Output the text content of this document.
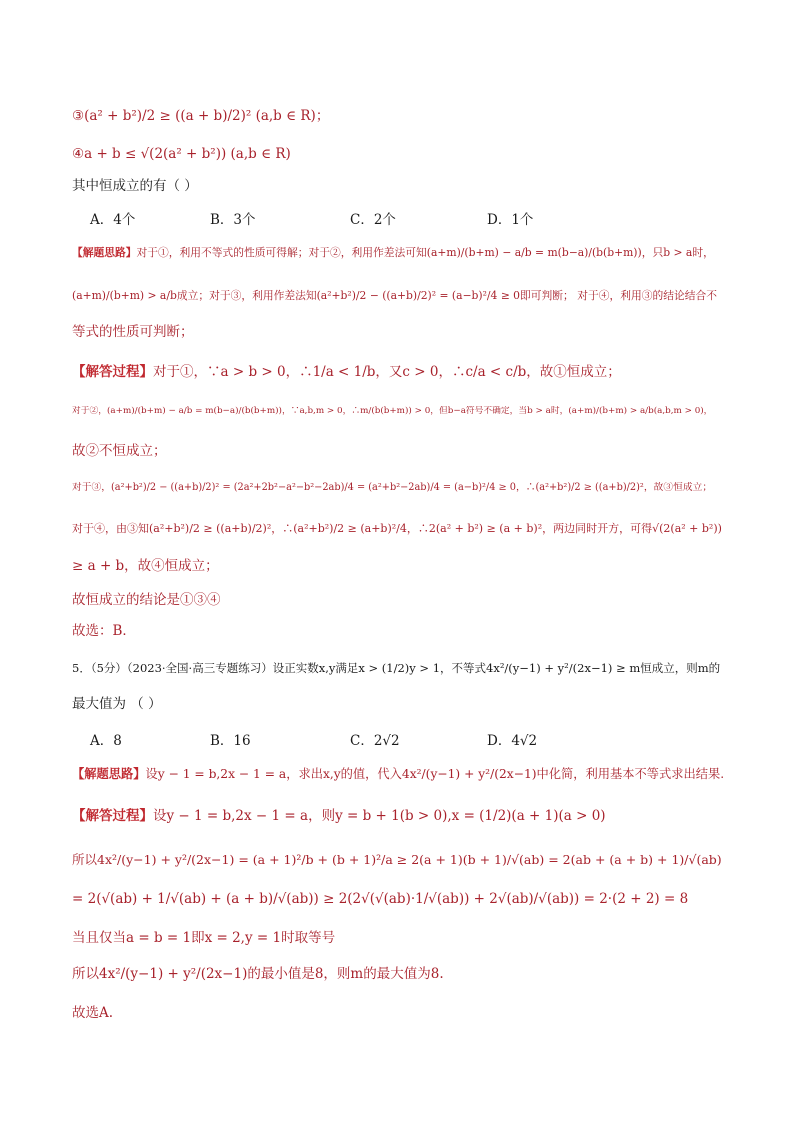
③(a² + b²)/2 ≥ ((a + b)/2)² (a,b ∈ R)；
④a + b ≤ √(2(a² + b²)) (a,b ∈ R)
其中恒成立的有（ ）
A．4个	B．3个	C．2个	D．1个
【解题思路】对于①，利用不等式的性质可得解；对于②，利用作差法可知(a+m)/(b+m) − a/b = m(b−a)/(b(b+m))，只b > a时，
(a+m)/(b+m) > a/b成立；对于③，利用作差法知(a²+b²)/2 − ((a+b)/2)² = (a−b)²/4 ≥ 0即可判断； 对于④，利用③的结论结合不
等式的性质可判断；
【解答过程】对于①，∵a > b > 0，∴1/a < 1/b，又c > 0，∴c/a < c/b，故①恒成立；
对于②，(a+m)/(b+m) − a/b = m(b−a)/(b(b+m))，∵a,b,m > 0，∴m/(b(b+m)) > 0，但b−a符号不确定，当b > a时，(a+m)/(b+m) > a/b(a,b,m > 0)，
故②不恒成立；
对于③，(a²+b²)/2 − ((a+b)/2)² = (2a²+2b²−a²−b²−2ab)/4 = (a²+b²−2ab)/4 = (a−b)²/4 ≥ 0，∴(a²+b²)/2 ≥ ((a+b)/2)²，故③恒成立；
对于④，由③知(a²+b²)/2 ≥ ((a+b)/2)²，∴(a²+b²)/2 ≥ (a+b)²/4，∴2(a² + b²) ≥ (a + b)²，两边同时开方，可得√(2(a² + b²))
≥ a + b，故④恒成立；
故恒成立的结论是①③④
故选：B．
5．（5分）（2023·全国·高三专题练习）设正实数x,y满足x > (1/2)y > 1，不等式4x²/(y−1) + y²/(2x−1) ≥ m恒成立，则m的
最大值为 （ ）
A．8	B．16	C．2√2	D．4√2
【解题思路】设y − 1 = b,2x − 1 = a，求出x,y的值，代入4x²/(y−1) + y²/(2x−1)中化简，利用基本不等式求出结果.
【解答过程】设y − 1 = b,2x − 1 = a，则y = b + 1(b > 0),x = (1/2)(a + 1)(a > 0)
所以4x²/(y−1) + y²/(2x−1) = (a + 1)²/b + (b + 1)²/a ≥ 2(a + 1)(b + 1)/√(ab) = 2(ab + (a + b) + 1)/√(ab)
= 2(√(ab) + 1/√(ab) + (a + b)/√(ab)) ≥ 2(2√(√(ab)·1/√(ab)) + 2√(ab)/√(ab)) = 2·(2 + 2) = 8
当且仅当a = b = 1即x = 2,y = 1时取等号
所以4x²/(y−1) + y²/(2x−1)的最小值是8，则m的最大值为8.
故选A.
